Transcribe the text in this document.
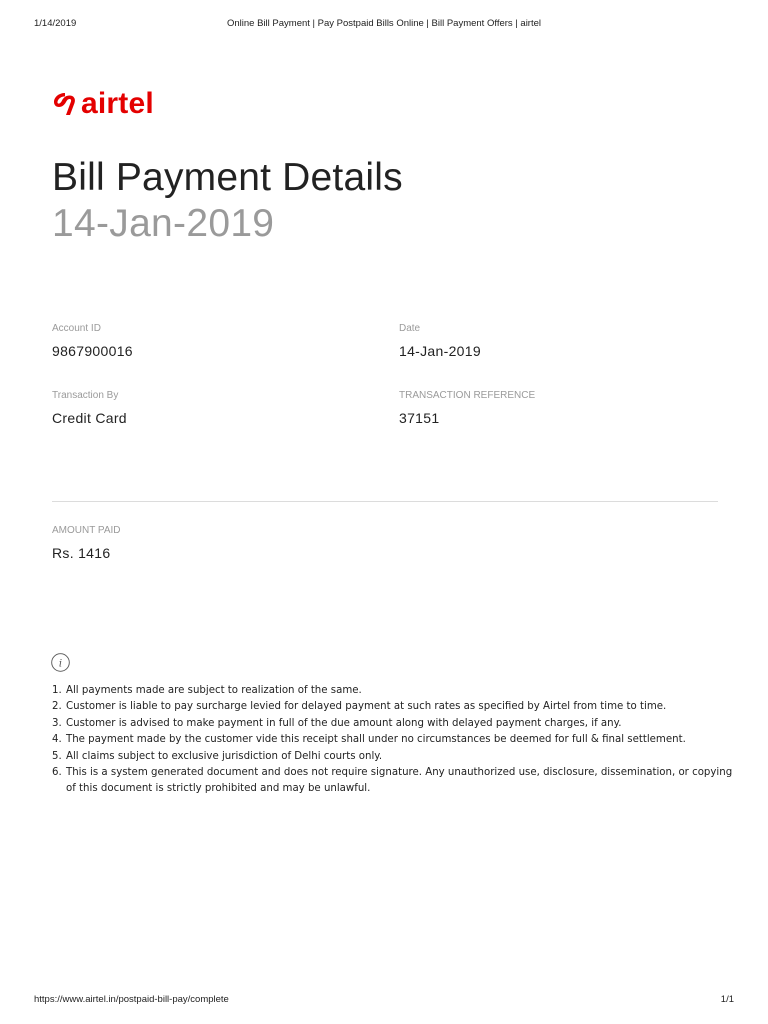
1/14/2019	Online Bill Payment | Pay Postpaid Bills Online | Bill Payment Offers | airtel
airtel
Bill Payment Details
14-Jan-2019
Account ID
9867900016
Date
14-Jan-2019
Transaction By
Credit Card
TRANSACTION REFERENCE
37151
AMOUNT PAID
Rs. 1416
i
1. All payments made are subject to realization of the same.
2. Customer is liable to pay surcharge levied for delayed payment at such rates as specified by Airtel from time to time.
3. Customer is advised to make payment in full of the due amount along with delayed payment charges, if any.
4. The payment made by the customer vide this receipt shall under no circumstances be deemed for full & final settlement.
5. All claims subject to exclusive jurisdiction of Delhi courts only.
6. This is a system generated document and does not require signature. Any unauthorized use, disclosure, dissemination, or copying of this document is strictly prohibited and may be unlawful.
https://www.airtel.in/postpaid-bill-pay/complete	1/1
